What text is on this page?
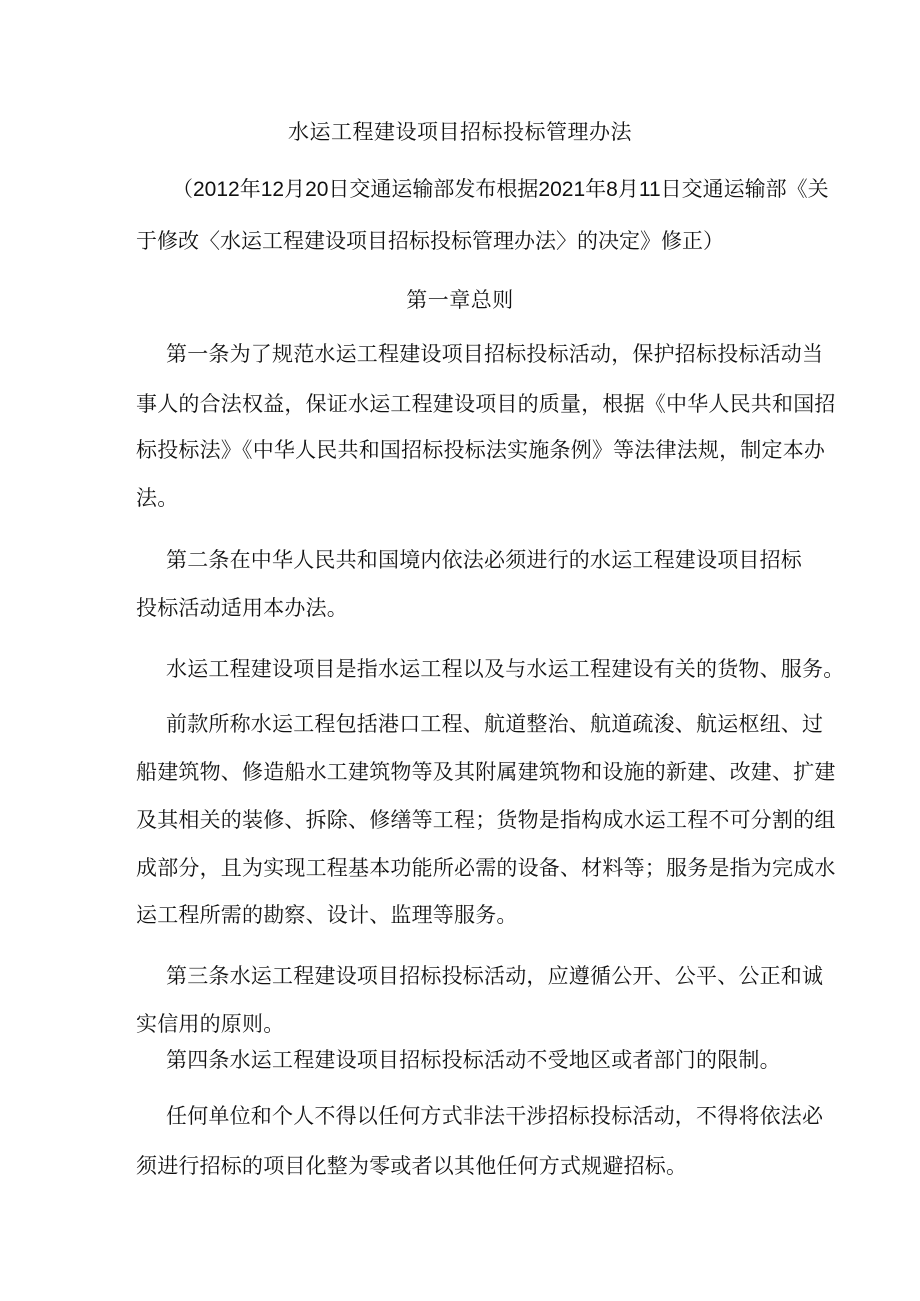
水运工程建设项目招标投标管理办法
（2012年12月20日交通运输部发布根据2021年8月11日交通运输部《关
于修改〈水运工程建设项目招标投标管理办法〉的决定》修正）
第一章总则
第一条为了规范水运工程建设项目招标投标活动，保护招标投标活动当
事人的合法权益，保证水运工程建设项目的质量，根据《中华人民共和国招
标投标法》《中华人民共和国招标投标法实施条例》等法律法规，制定本办
法。
第二条在中华人民共和国境内依法必须进行的水运工程建设项目招标
投标活动适用本办法。
水运工程建设项目是指水运工程以及与水运工程建设有关的货物、服务。
前款所称水运工程包括港口工程、航道整治、航道疏浚、航运枢纽、过
船建筑物、修造船水工建筑物等及其附属建筑物和设施的新建、改建、扩建
及其相关的装修、拆除、修缮等工程；货物是指构成水运工程不可分割的组
成部分，且为实现工程基本功能所必需的设备、材料等；服务是指为完成水
运工程所需的勘察、设计、监理等服务。
第三条水运工程建设项目招标投标活动，应遵循公开、公平、公正和诚
实信用的原则。
第四条水运工程建设项目招标投标活动不受地区或者部门的限制。
任何单位和个人不得以任何方式非法干涉招标投标活动，不得将依法必
须进行招标的项目化整为零或者以其他任何方式规避招标。
